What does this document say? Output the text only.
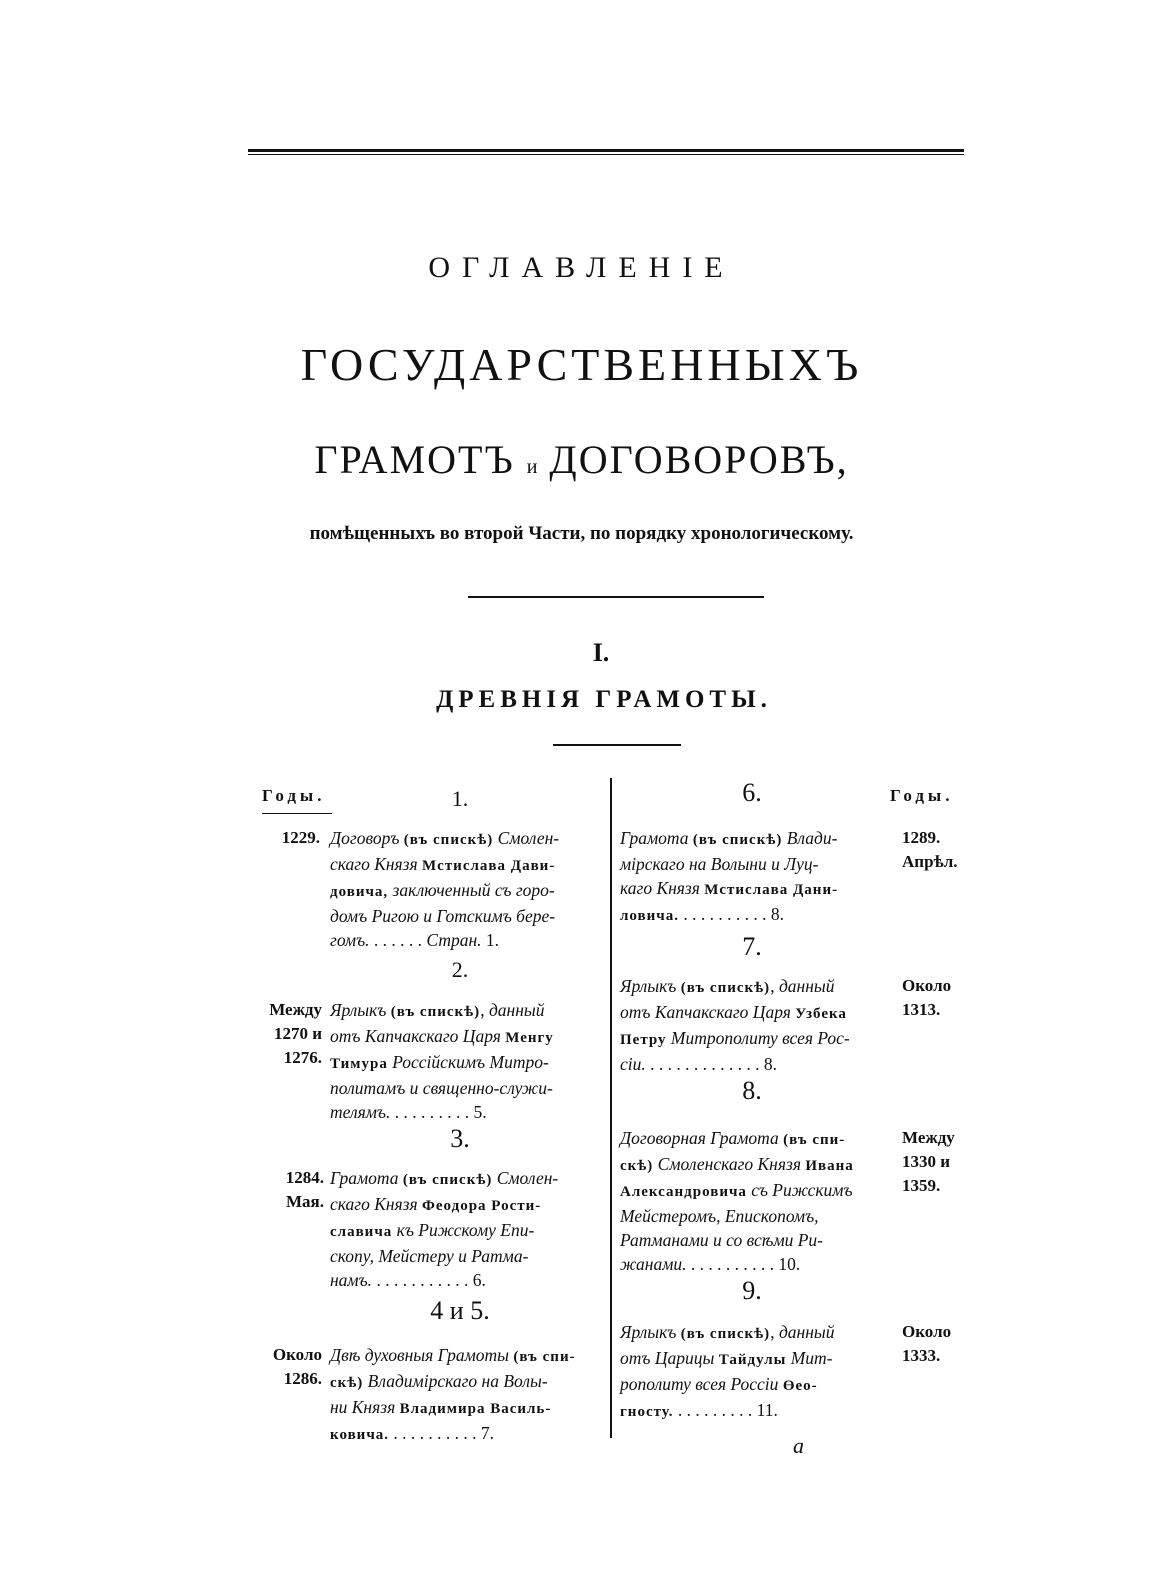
ОГЛАВЛЕНIЕ
ГОСУДАРСТВЕННЫХЪ
ГРАМОТЪ и ДОГОВОРОВЪ,
помѣщенныхъ во второй Части, по порядку хронологическому.
I.
ДРЕВНIЯ ГРАМОТЫ.
Годы.	Годы.
1.
1229. Договоръ (въ спискѣ) Смолен-
скаго Князя Мстислава Дави-
довича, заключенный съ горо-
домъ Ригою и Готскимъ бере-
гомъ. . . . . . . Стран. 1.
2.
Между
1270 и
1276.
Ярлыкъ (въ спискѣ), данный
отъ Капчакскаго Царя Менгу
Тимура Россiйскимъ Митро-
политамъ и священно-служи-
телямъ. . . . . . . . . . 5.
3.
1284.
Мая.
Грамота (въ спискѣ) Смолен-
скаго Князя Феодора Рости-
славича къ Рижскому Епи-
скопу, Мейстеру и Ратма-
намъ. . . . . . . . . . . . 6.
4 и 5.
Около
1286.
Двѣ духовныя Грамоты (въ спи-
скѣ) Владимiрскаго на Волы-
ни Князя Владимира Василь-
ковича. . . . . . . . . . . 7.
6.
1289.
Апрѣл.
Грамота (въ спискѣ) Влади-
мiрскаго на Волыни и Луц-
каго Князя Мстислава Дани-
ловича. . . . . . . . . . . 8.
7.
Около
1313.
Ярлыкъ (въ спискѣ), данный
отъ Капчакскаго Царя Узбека
Петру Митрополиту всея Рос-
сiи. . . . . . . . . . . . . . 8.
8.
Между
1330 и
1359.
Договорная Грамота (въ спи-
скѣ) Смоленскаго Князя Ивана
Александровича съ Рижскимъ
Мейстеромъ, Епископомъ,
Ратманами и со всѣми Ри-
жанами. . . . . . . . . . . 10.
9.
Около
1333.
Ярлыкъ (въ спискѣ), данный
отъ Царицы Тайдулы Мит-
рополиту всея Россiи Өео-
гносту. . . . . . . . . . 11.
a
